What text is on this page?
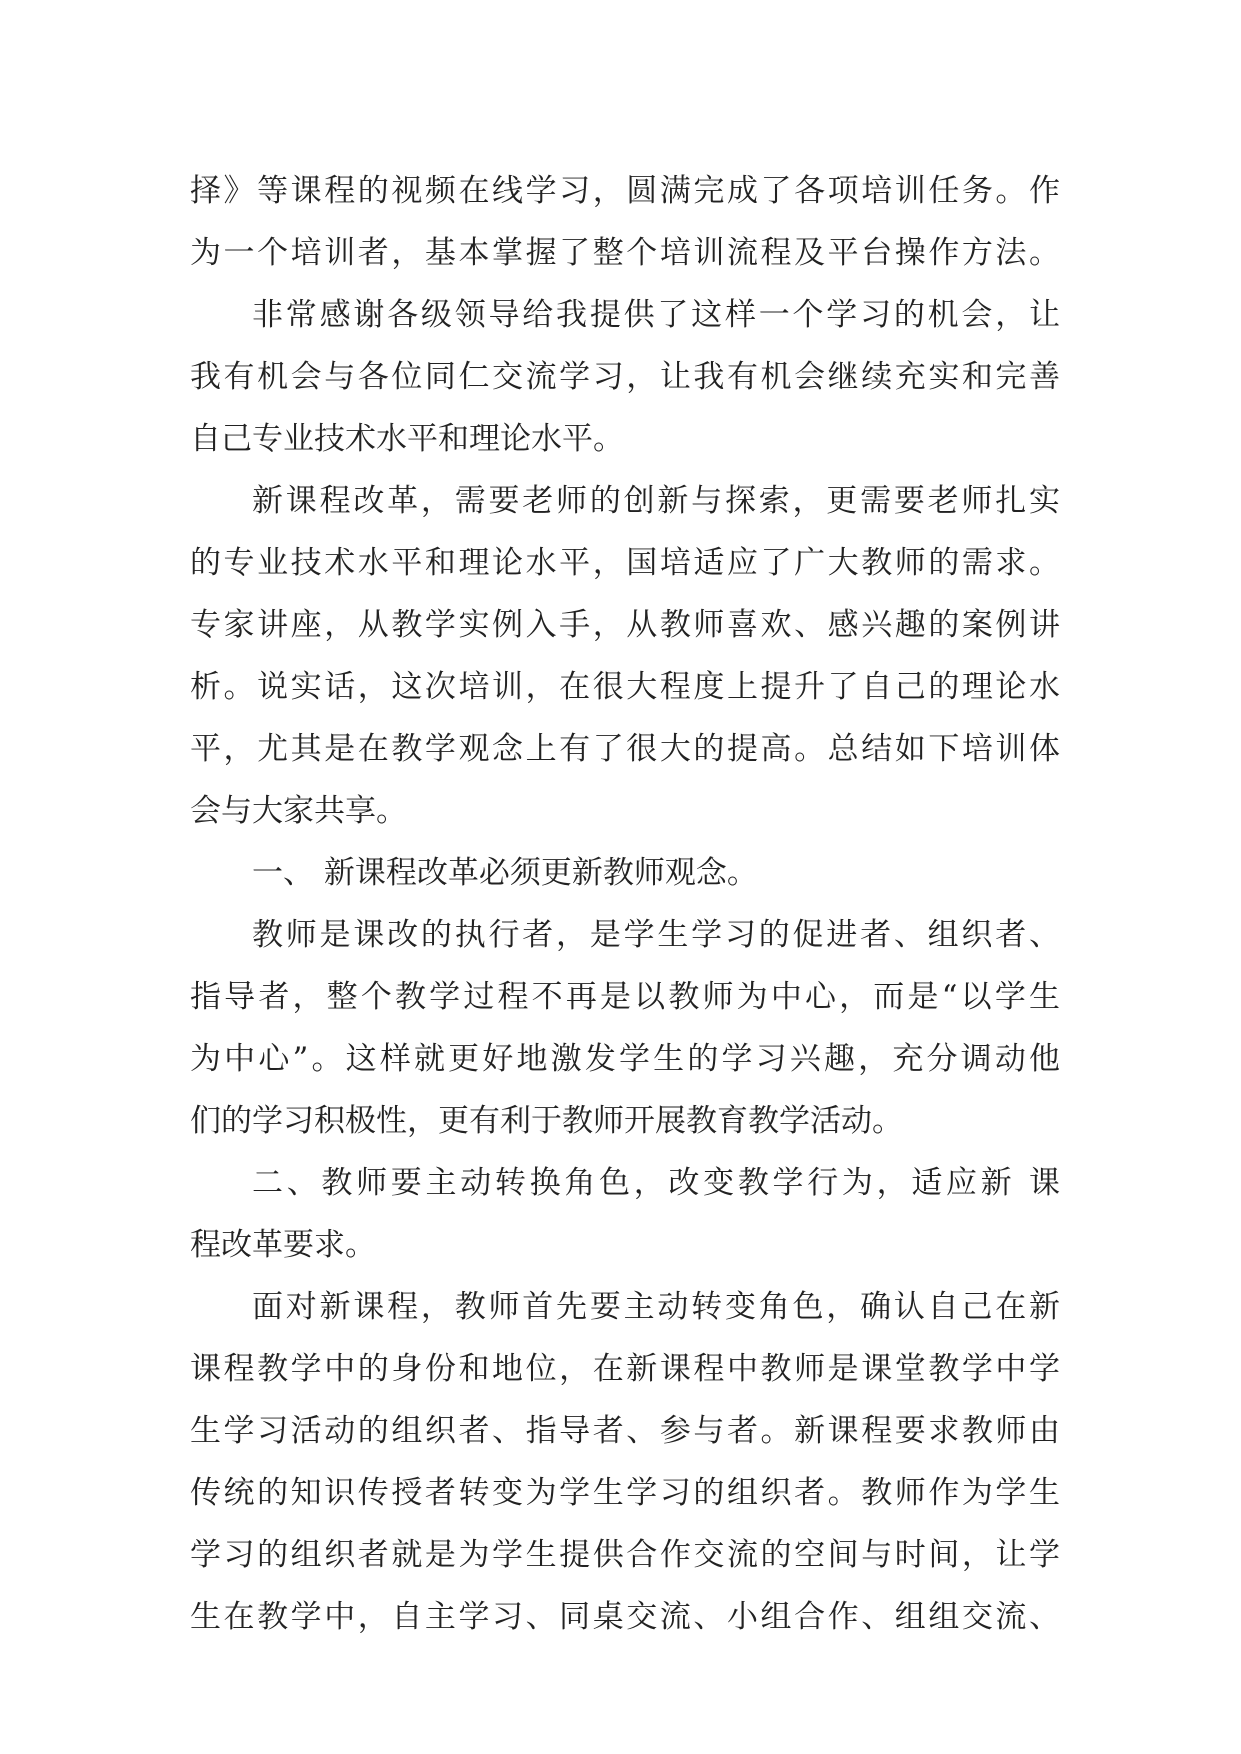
择》等课程的视频在线学习，圆满完成了各项培训任务。作
为一个培训者，基本掌握了整个培训流程及平台操作方法。
非常感谢各级领导给我提供了这样一个学习的机会，让
我有机会与各位同仁交流学习，让我有机会继续充实和完善
自己专业技术水平和理论水平。
新课程改革，需要老师的创新与探索，更需要老师扎实
的专业技术水平和理论水平，国培适应了广大教师的需求。
专家讲座，从教学实例入手，从教师喜欢、感兴趣的案例讲
析。说实话，这次培训，在很大程度上提升了自己的理论水
平，尤其是在教学观念上有了很大的提高。总结如下培训体
会与大家共享。
一、 新课程改革必须更新教师观念。
教师是课改的执行者，是学生学习的促进者、组织者、
指导者，整个教学过程不再是以教师为中心，而是“以学生
为中心”。这样就更好地激发学生的学习兴趣，充分调动他
们的学习积极性，更有利于教师开展教育教学活动。
二、教师要主动转换角色，改变教学行为，适应新 课
程改革要求。
面对新课程，教师首先要主动转变角色，确认自己在新
课程教学中的身份和地位，在新课程中教师是课堂教学中学
生学习活动的组织者、指导者、参与者。新课程要求教师由
传统的知识传授者转变为学生学习的组织者。教师作为学生
学习的组织者就是为学生提供合作交流的空间与时间，让学
生在教学中，自主学习、同桌交流、小组合作、组组交流、
